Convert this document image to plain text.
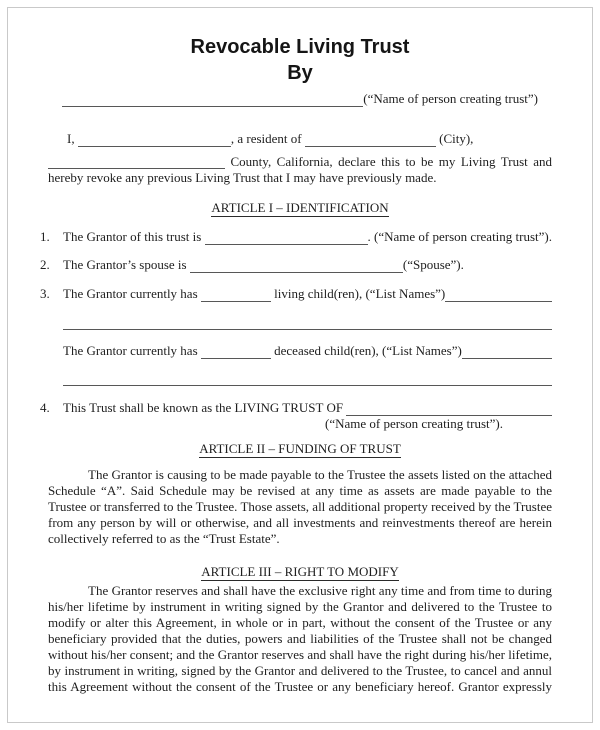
Revocable Living Trust
By
(“Name of person creating trust”)
I,	, a resident of	(City),
County, California, declare this to be my Living Trust and hereby revoke any previous Living Trust that I may have previously made.
ARTICLE I – IDENTIFICATION
1.	The Grantor of this trust is	. (“Name of person creating trust”).
2.	The Grantor’s spouse is	(“Spouse”).
3.	The Grantor currently has	living child(ren), (“List Names”)
The Grantor currently has	deceased child(ren), (“List Names”)
4.	This Trust shall be known as the LIVING TRUST OF
(“Name of person creating trust”).
ARTICLE II – FUNDING OF TRUST
The Grantor is causing to be made payable to the Trustee the assets listed on the attached Schedule “A”. Said Schedule may be revised at any time as assets are made payable to the Trustee or transferred to the Trustee. Those assets, all additional property received by the Trustee from any person by will or otherwise, and all investments and reinvestments thereof are herein collectively referred to as the “Trust Estate”.
ARTICLE III – RIGHT TO MODIFY
The Grantor reserves and shall have the exclusive right any time and from time to during his/her lifetime by instrument in writing signed by the Grantor and delivered to the Trustee to modify or alter this Agreement, in whole or in part, without the consent of the Trustee or any beneficiary provided that the duties, powers and liabilities of the Trustee shall not be changed without his/her consent; and the Grantor reserves and shall have the right during his/her lifetime, by instrument in writing, signed by the Grantor and delivered to the Trustee, to cancel and annul this Agreement without the consent of the Trustee or any beneficiary hereof. Grantor expressly
